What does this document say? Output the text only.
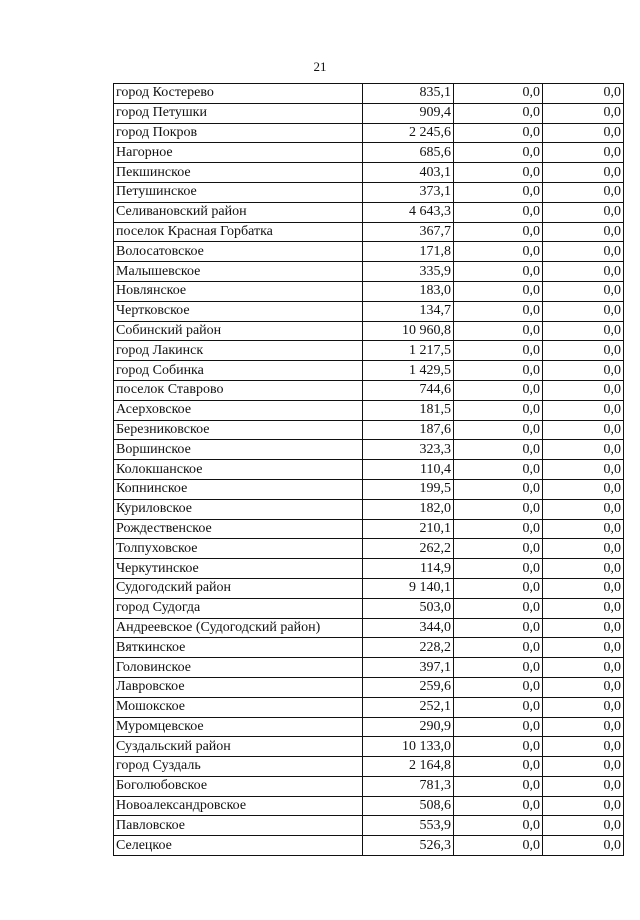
21
город Костерево	835,1	0,0	0,0
город Петушки	909,4	0,0	0,0
город Покров	2 245,6	0,0	0,0
Нагорное	685,6	0,0	0,0
Пекшинское	403,1	0,0	0,0
Петушинское	373,1	0,0	0,0
Селивановский район	4 643,3	0,0	0,0
поселок Красная Горбатка	367,7	0,0	0,0
Волосатовское	171,8	0,0	0,0
Малышевское	335,9	0,0	0,0
Новлянское	183,0	0,0	0,0
Чертковское	134,7	0,0	0,0
Собинский район	10 960,8	0,0	0,0
город Лакинск	1 217,5	0,0	0,0
город Собинка	1 429,5	0,0	0,0
поселок Ставрово	744,6	0,0	0,0
Асерховское	181,5	0,0	0,0
Березниковское	187,6	0,0	0,0
Воршинское	323,3	0,0	0,0
Колокшанское	110,4	0,0	0,0
Копнинское	199,5	0,0	0,0
Куриловское	182,0	0,0	0,0
Рождественское	210,1	0,0	0,0
Толпуховское	262,2	0,0	0,0
Черкутинское	114,9	0,0	0,0
Судогодский район	9 140,1	0,0	0,0
город Судогда	503,0	0,0	0,0
Андреевское (Судогодский район)	344,0	0,0	0,0
Вяткинское	228,2	0,0	0,0
Головинское	397,1	0,0	0,0
Лавровское	259,6	0,0	0,0
Мошокское	252,1	0,0	0,0
Муромцевское	290,9	0,0	0,0
Суздальский район	10 133,0	0,0	0,0
город Суздаль	2 164,8	0,0	0,0
Боголюбовское	781,3	0,0	0,0
Новоалександровское	508,6	0,0	0,0
Павловское	553,9	0,0	0,0
Селецкое	526,3	0,0	0,0
